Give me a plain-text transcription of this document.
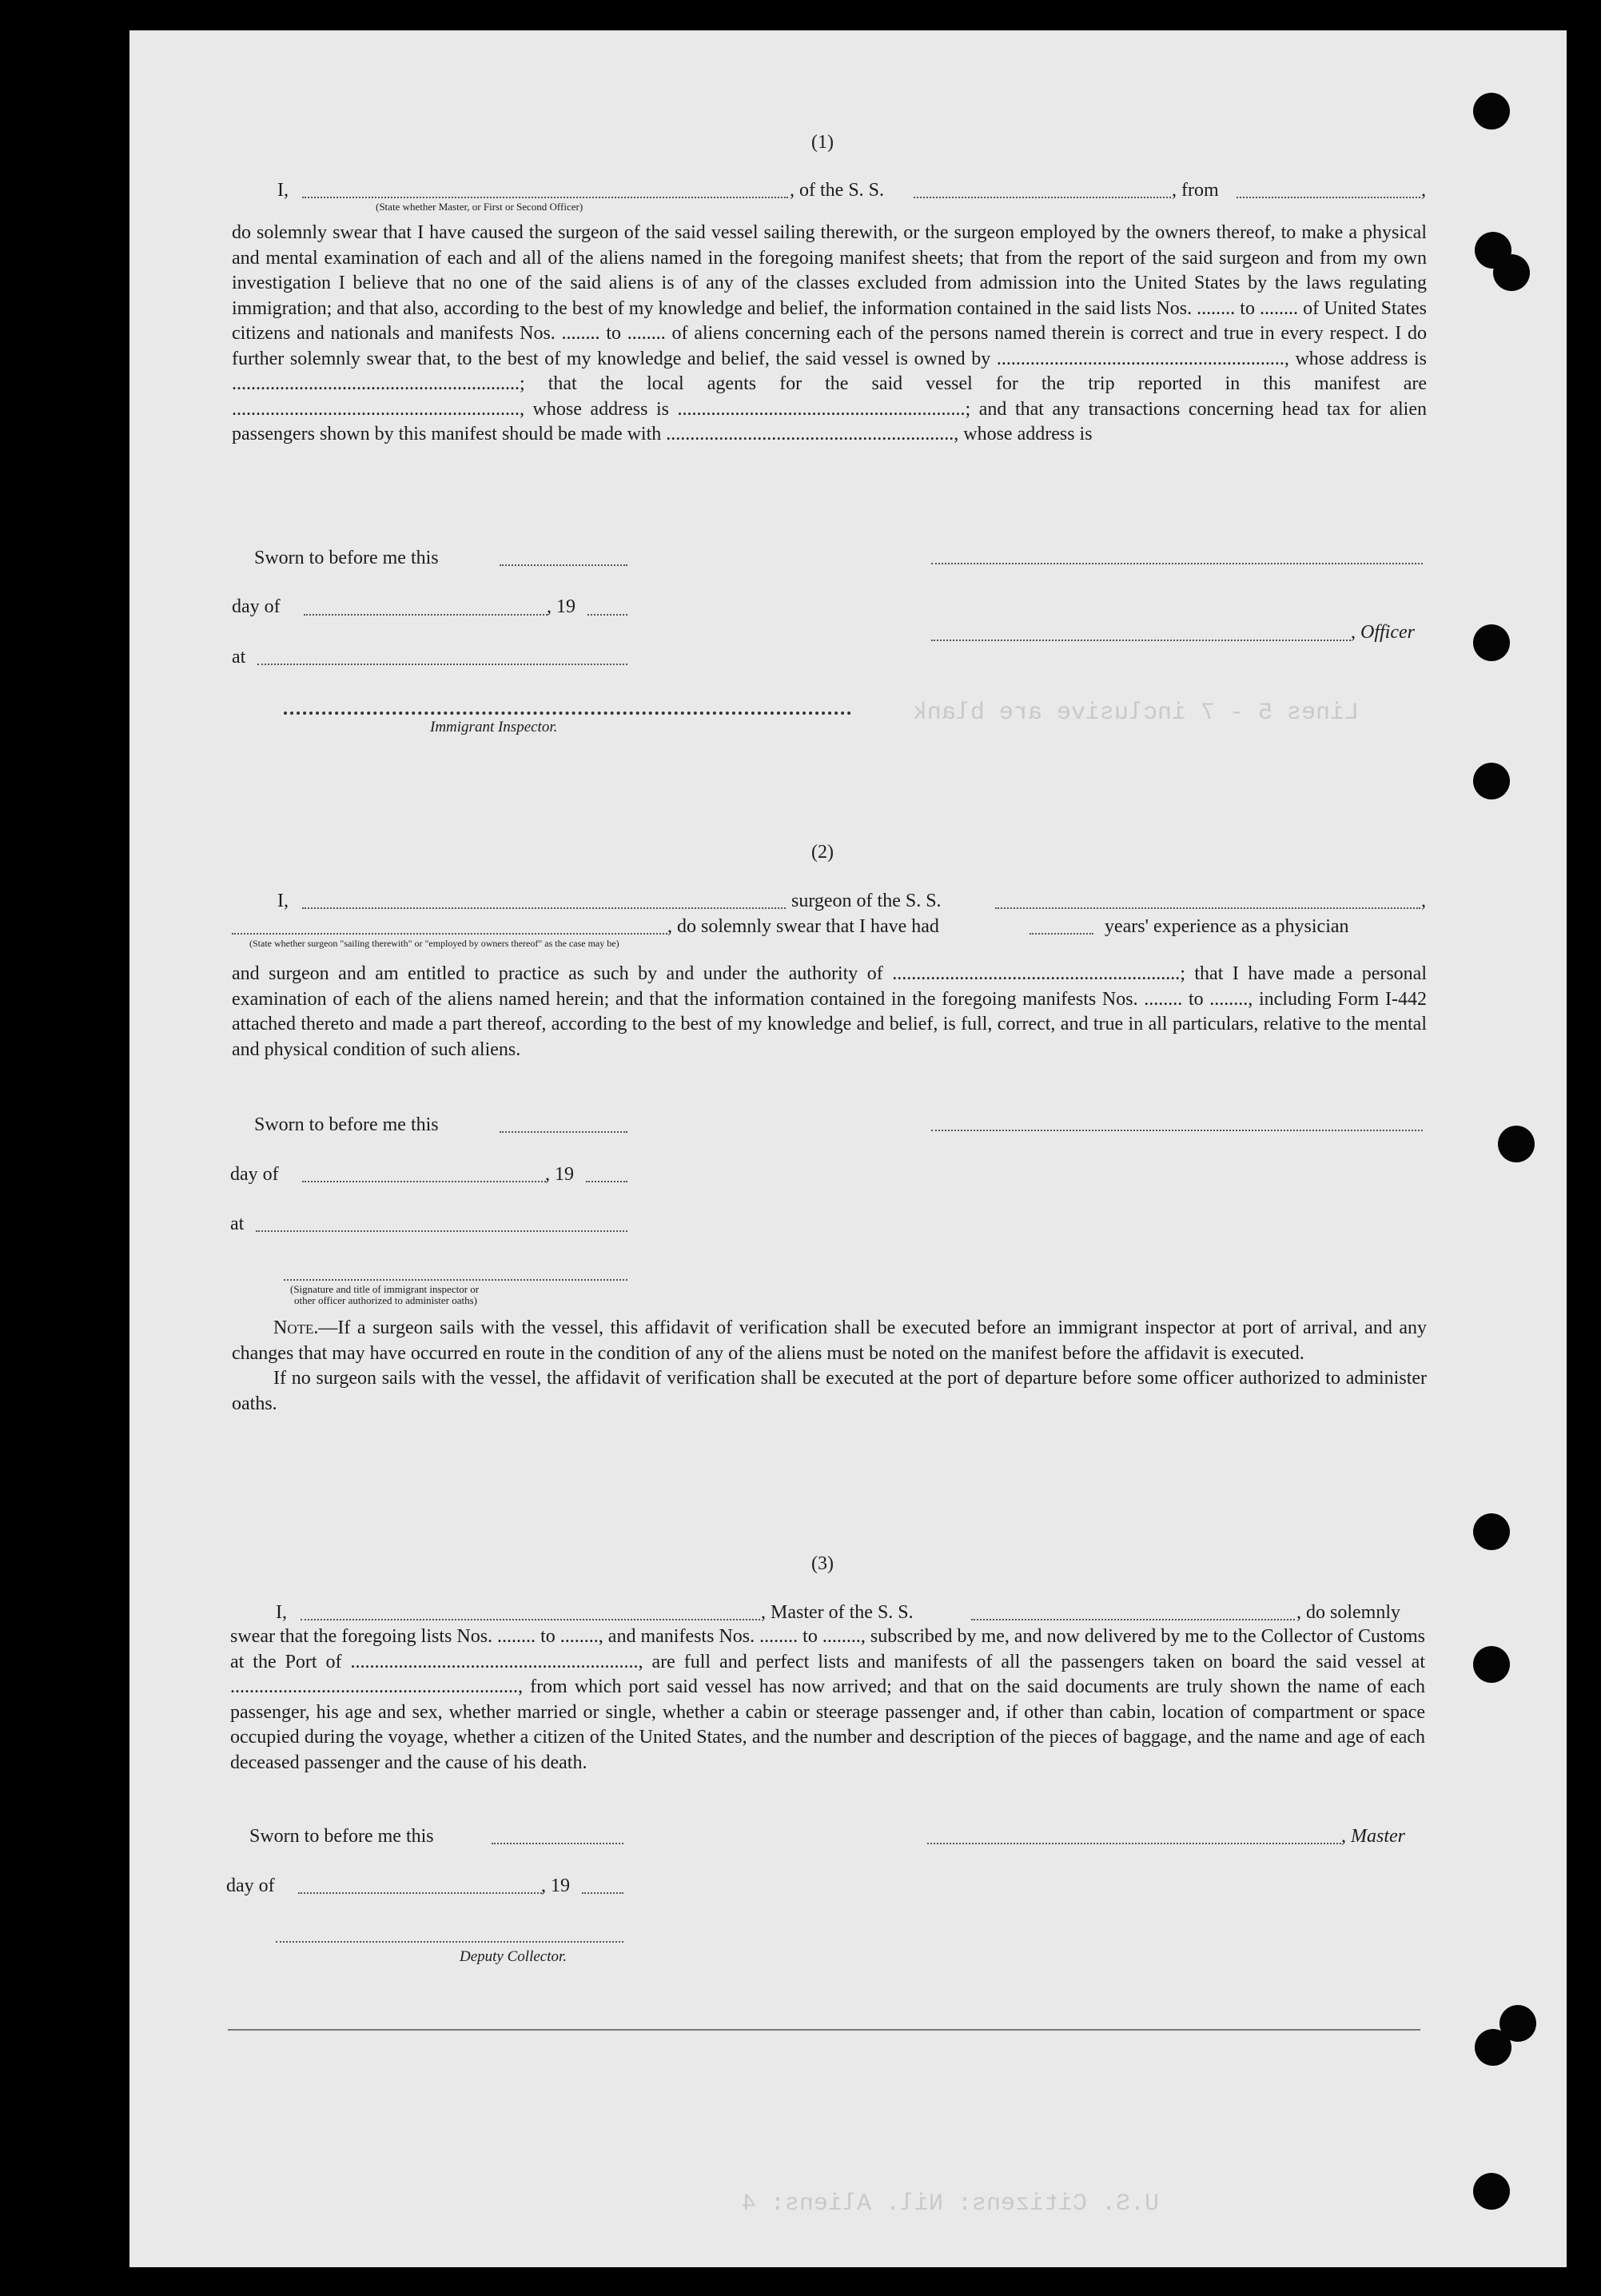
Lines 5 - 7 inclusive are blank
U.S. Citizens: Nil. Aliens: 4
(1)
I,	, of the S. S.	, from	,
(State whether Master, or First or Second Officer)

do solemnly swear that I have caused the surgeon of the said vessel sailing therewith, or the surgeon employed by the owners thereof, to make a physical and mental examination of each and all of the aliens named in the foregoing manifest sheets; that from the report of the said surgeon and from my own investigation I believe that no one of the said aliens is of any of the classes excluded from admission into the United States by the laws regulating immigration; and that also, according to the best of my knowledge and belief, the information contained in the said lists Nos. ........ to ........ of United States citizens and nationals and manifests Nos. ........ to ........ of aliens concerning each of the persons named therein is correct and true in every respect. I do further solemnly swear that, to the best of my knowledge and belief, the said vessel is owned by ............................................................, whose address is ............................................................; that the local agents for the said vessel for the trip reported in this manifest are ............................................................, whose address is ............................................................; and that any transactions concerning head tax for alien passengers shown by this manifest should be made with ............................................................, whose address is

Sworn to before me this
day of	, 19
, Officer
at
Immigrant Inspector.
(2)
I,	surgeon of the S. S.	,
, do solemnly swear that I have had	years' experience as a physician
(State whether surgeon "sailing therewith" or "employed by owners thereof" as the case may be)

and surgeon and am entitled to practice as such by and under the authority of ............................................................; that I have made a personal examination of each of the aliens named herein; and that the information contained in the foregoing manifests Nos. ........ to ........, including Form I-442 attached thereto and made a part thereof, according to the best of my knowledge and belief, is full, correct, and true in all particulars, relative to the mental and physical condition of such aliens.

Sworn to before me this
day of	, 19
at
(Signature and title of immigrant inspector or
other officer authorized to administer oaths)

Note.—If a surgeon sails with the vessel, this affidavit of verification shall be executed before an immigrant inspector at port of arrival, and any changes that may have occurred en route in the condition of any of the aliens must be noted on the manifest before the affidavit is executed.

If no surgeon sails with the vessel, the affidavit of verification shall be executed at the port of departure before some officer authorized to administer oaths.

(3)
I,	, Master of the S. S.	, do solemnly

swear that the foregoing lists Nos. ........ to ........, and manifests Nos. ........ to ........, subscribed by me, and now delivered by me to the Collector of Customs at the Port of ............................................................, are full and perfect lists and manifests of all the passengers taken on board the said vessel at ............................................................, from which port said vessel has now arrived; and that on the said documents are truly shown the name of each passenger, his age and sex, whether married or single, whether a cabin or steerage passenger and, if other than cabin, location of compartment or space occupied during the voyage, whether a citizen of the United States, and the number and description of the pieces of baggage, and the name and age of each deceased passenger and the cause of his death.

Sworn to before me this	, Master
day of	, 19
Deputy Collector.
